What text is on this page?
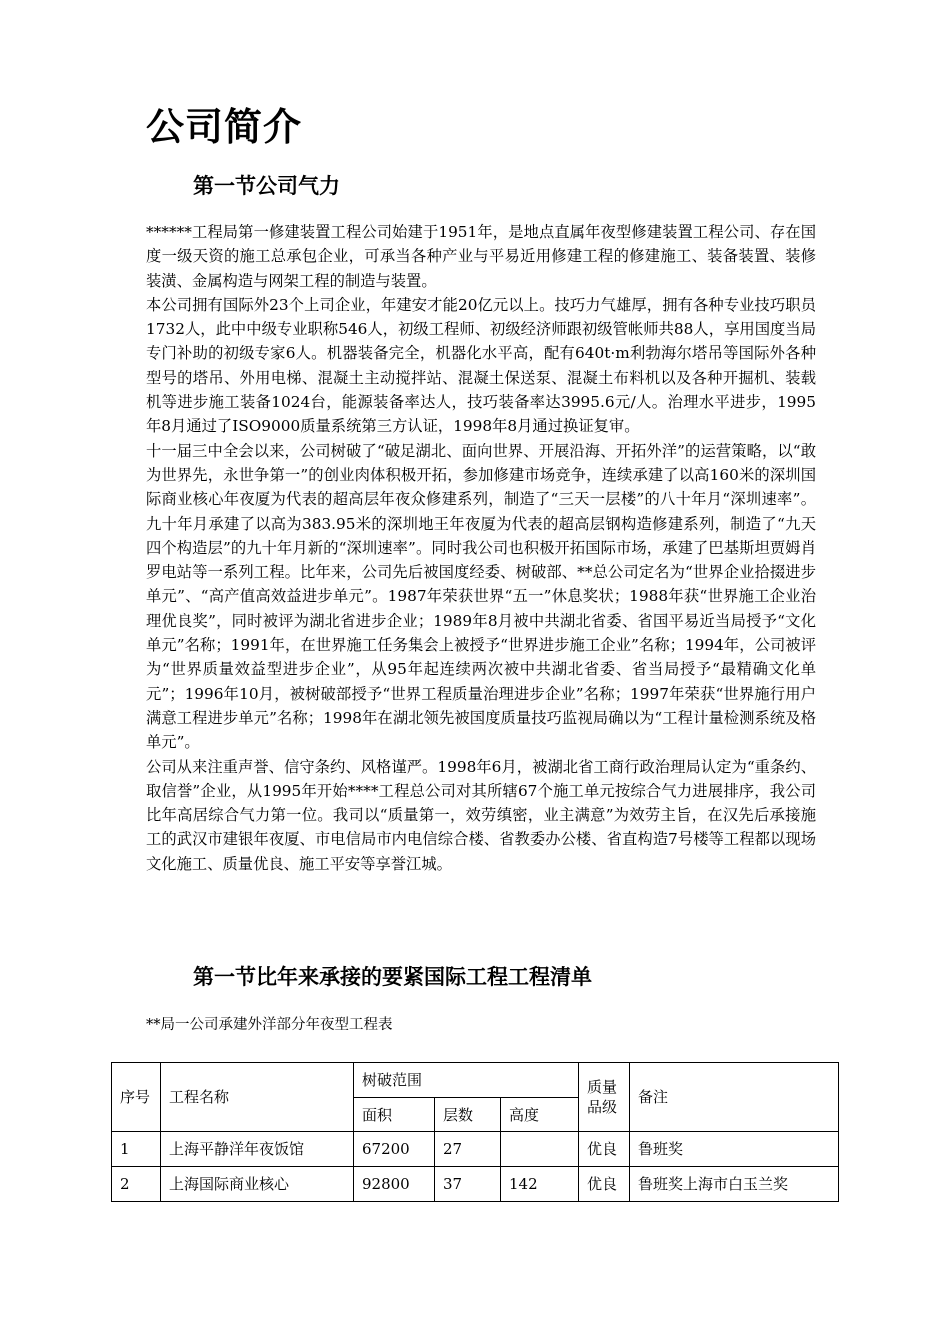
公司简介
第一节公司气力

******工程局第一修建装置工程公司始建于1951年，是地点直属年夜型修建装置工程公司、存在国度一级天资的施工总承包企业，可承当各种产业与平易近用修建工程的修建施工、装备装置、装修装潢、金属构造与网架工程的制造与装置。

本公司拥有国际外23个上司企业，年建安才能20亿元以上。技巧力气雄厚，拥有各种专业技巧职员1732人，此中中级专业职称546人，初级工程师、初级经济师跟初级管帐师共88人，享用国度当局专门补助的初级专家6人。机器装备完全，机器化水平高，配有640t·m利勃海尔塔吊等国际外各种型号的塔吊、外用电梯、混凝土主动搅拌站、混凝土保送泵、混凝土布料机以及各种开掘机、装载机等进步施工装备1024台，能源装备率达人，技巧装备率达3995.6元/人。治理水平进步，1995年8月通过了ISO9000质量系统第三方认证，1998年8月通过换证复审。

十一届三中全会以来，公司树破了“破足湖北、面向世界、开展沿海、开拓外洋”的运营策略，以“敢为世界先，永世争第一”的创业肉体积极开拓，参加修建市场竞争，连续承建了以高160米的深圳国际商业核心年夜厦为代表的超高层年夜众修建系列，制造了“三天一层楼”的八十年月“深圳速率”。九十年月承建了以高为383.95米的深圳地王年夜厦为代表的超高层钢构造修建系列，制造了“九天四个构造层”的九十年月新的“深圳速率”。同时我公司也积极开拓国际市场，承建了巴基斯坦贾姆肖罗电站等一系列工程。比年来，公司先后被国度经委、树破部、**总公司定名为“世界企业拾掇进步单元”、“高产值高效益进步单元”。1987年荣获世界“五一”休息奖状；1988年获“世界施工企业治理优良奖”，同时被评为湖北省进步企业；1989年8月被中共湖北省委、省国平易近当局授予“文化单元”名称；1991年，在世界施工任务集会上被授予“世界进步施工企业”名称；1994年，公司被评为“世界质量效益型进步企业”，从95年起连续两次被中共湖北省委、省当局授予“最精确文化单元”；1996年10月，被树破部授予“世界工程质量治理进步企业”名称；1997年荣获“世界施行用户满意工程进步单元”名称；1998年在湖北领先被国度质量技巧监视局确以为“工程计量检测系统及格单元”。

公司从来注重声誉、信守条约、风格谨严。1998年6月，被湖北省工商行政治理局认定为“重条约、取信誉”企业，从1995年开始****工程总公司对其所辖67个施工单元按综合气力进展排序，我公司比年高居综合气力第一位。我司以“质量第一，效劳缜密，业主满意”为效劳主旨，在汉先后承接施工的武汉市建银年夜厦、市电信局市内电信综合楼、省教委办公楼、省直构造7号楼等工程都以现场文化施工、质量优良、施工平安等享誉江城。

第一节比年来承接的要紧国际工程工程清单

**局一公司承建外洋部分年夜型工程表

序号	工程名称	树破范围			质量品级	备注
		面积	层数	高度		
1	上海平静洋年夜饭馆	67200	27		优良	鲁班奖
2	上海国际商业核心	92800	37	142	优良	鲁班奖上海市白玉兰奖
